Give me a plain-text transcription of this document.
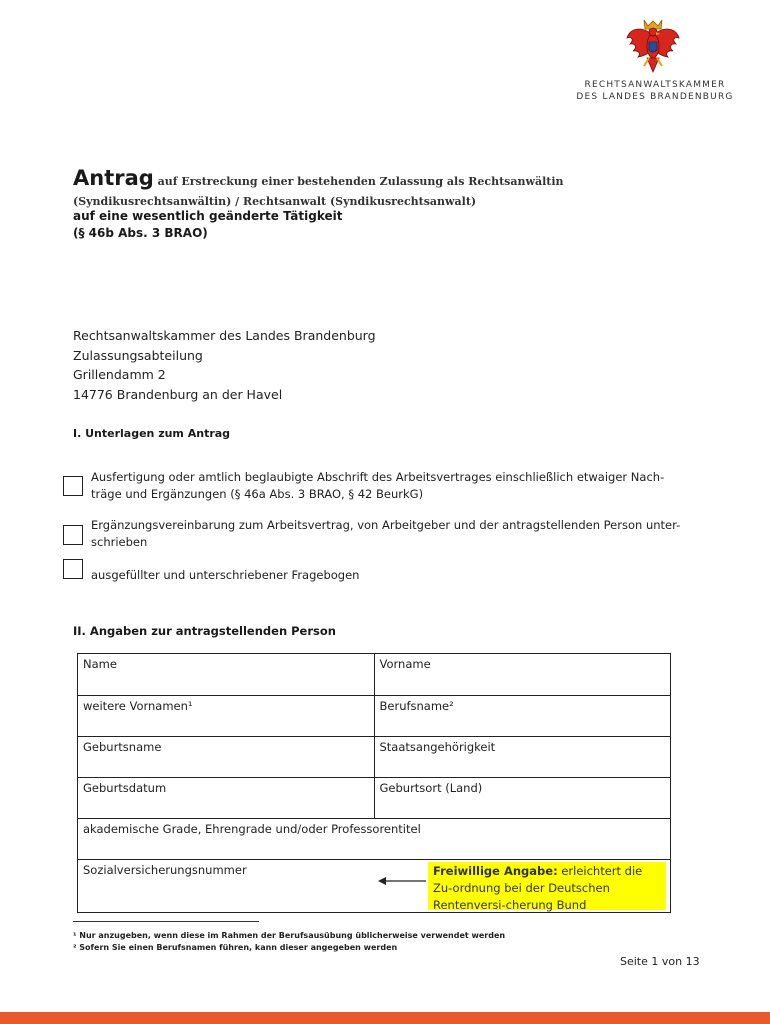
RECHTSANWALTSKAMMER
DES LANDES BRANDENBURG
Antrag auf Erstreckung einer bestehenden Zulassung als Rechtsanwältin
(Syndikusrechtsanwältin) / Rechtsanwalt (Syndikusrechtsanwalt)
auf eine wesentlich geänderte Tätigkeit
(§ 46b Abs. 3 BRAO)
Rechtsanwaltskammer des Landes Brandenburg
Zulassungsabteilung
Grillendamm 2
14776 Brandenburg an der Havel
I. Unterlagen zum Antrag
Ausfertigung oder amtlich beglaubigte Abschrift des Arbeitsvertrages einschließlich etwaiger Nach-
träge und Ergänzungen (§ 46a Abs. 3 BRAO, § 42 BeurkG)
Ergänzungsvereinbarung zum Arbeitsvertrag, von Arbeitgeber und der antragstellenden Person unter-
schrieben
ausgefüllter und unterschriebener Fragebogen
II. Angaben zur antragstellenden Person
Name	Vorname
weitere Vornamen¹	Berufsname²
Geburtsname	Staatsangehörigkeit
Geburtsdatum	Geburtsort (Land)
akademische Grade, Ehrengrade und/oder Professorentitel
Sozialversicherungsnummer	Freiwillige Angabe: erleichtert die Zu-ordnung bei der Deutschen Rentenversi-cherung Bund
¹ Nur anzugeben, wenn diese im Rahmen der Berufsausübung üblicherweise verwendet werden
² Sofern Sie einen Berufsnamen führen, kann dieser angegeben werden
Seite 1 von 13
